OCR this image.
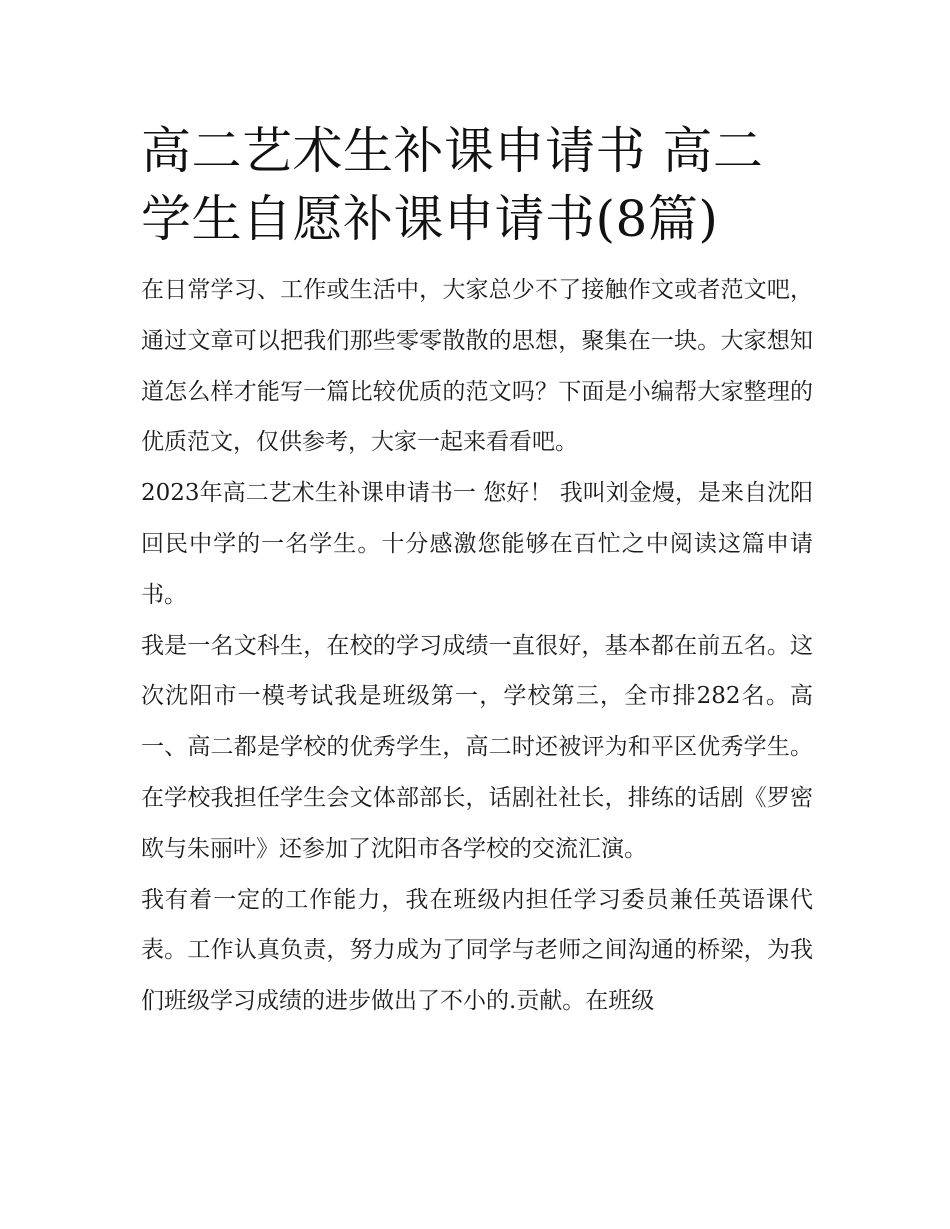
高二艺术生补课申请书 高二学生自愿补课申请书(8篇)

在日常学习、工作或生活中，大家总少不了接触作文或者范文吧，通过文章可以把我们那些零零散散的思想，聚集在一块。大家想知道怎么样才能写一篇比较优质的范文吗？下面是小编帮大家整理的优质范文，仅供参考，大家一起来看看吧。

2023年高二艺术生补课申请书一 您好！ 我叫刘金熳，是来自沈阳回民中学的一名学生。十分感激您能够在百忙之中阅读这篇申请书。

我是一名文科生，在校的学习成绩一直很好，基本都在前五名。这次沈阳市一模考试我是班级第一，学校第三，全市排282名。高一、高二都是学校的优秀学生，高二时还被评为和平区优秀学生。在学校我担任学生会文体部部长，话剧社社长，排练的话剧《罗密欧与朱丽叶》还参加了沈阳市各学校的交流汇演。

我有着一定的工作能力，我在班级内担任学习委员兼任英语课代表。工作认真负责，努力成为了同学与老师之间沟通的桥梁，为我们班级学习成绩的进步做出了不小的.贡献。在班级
